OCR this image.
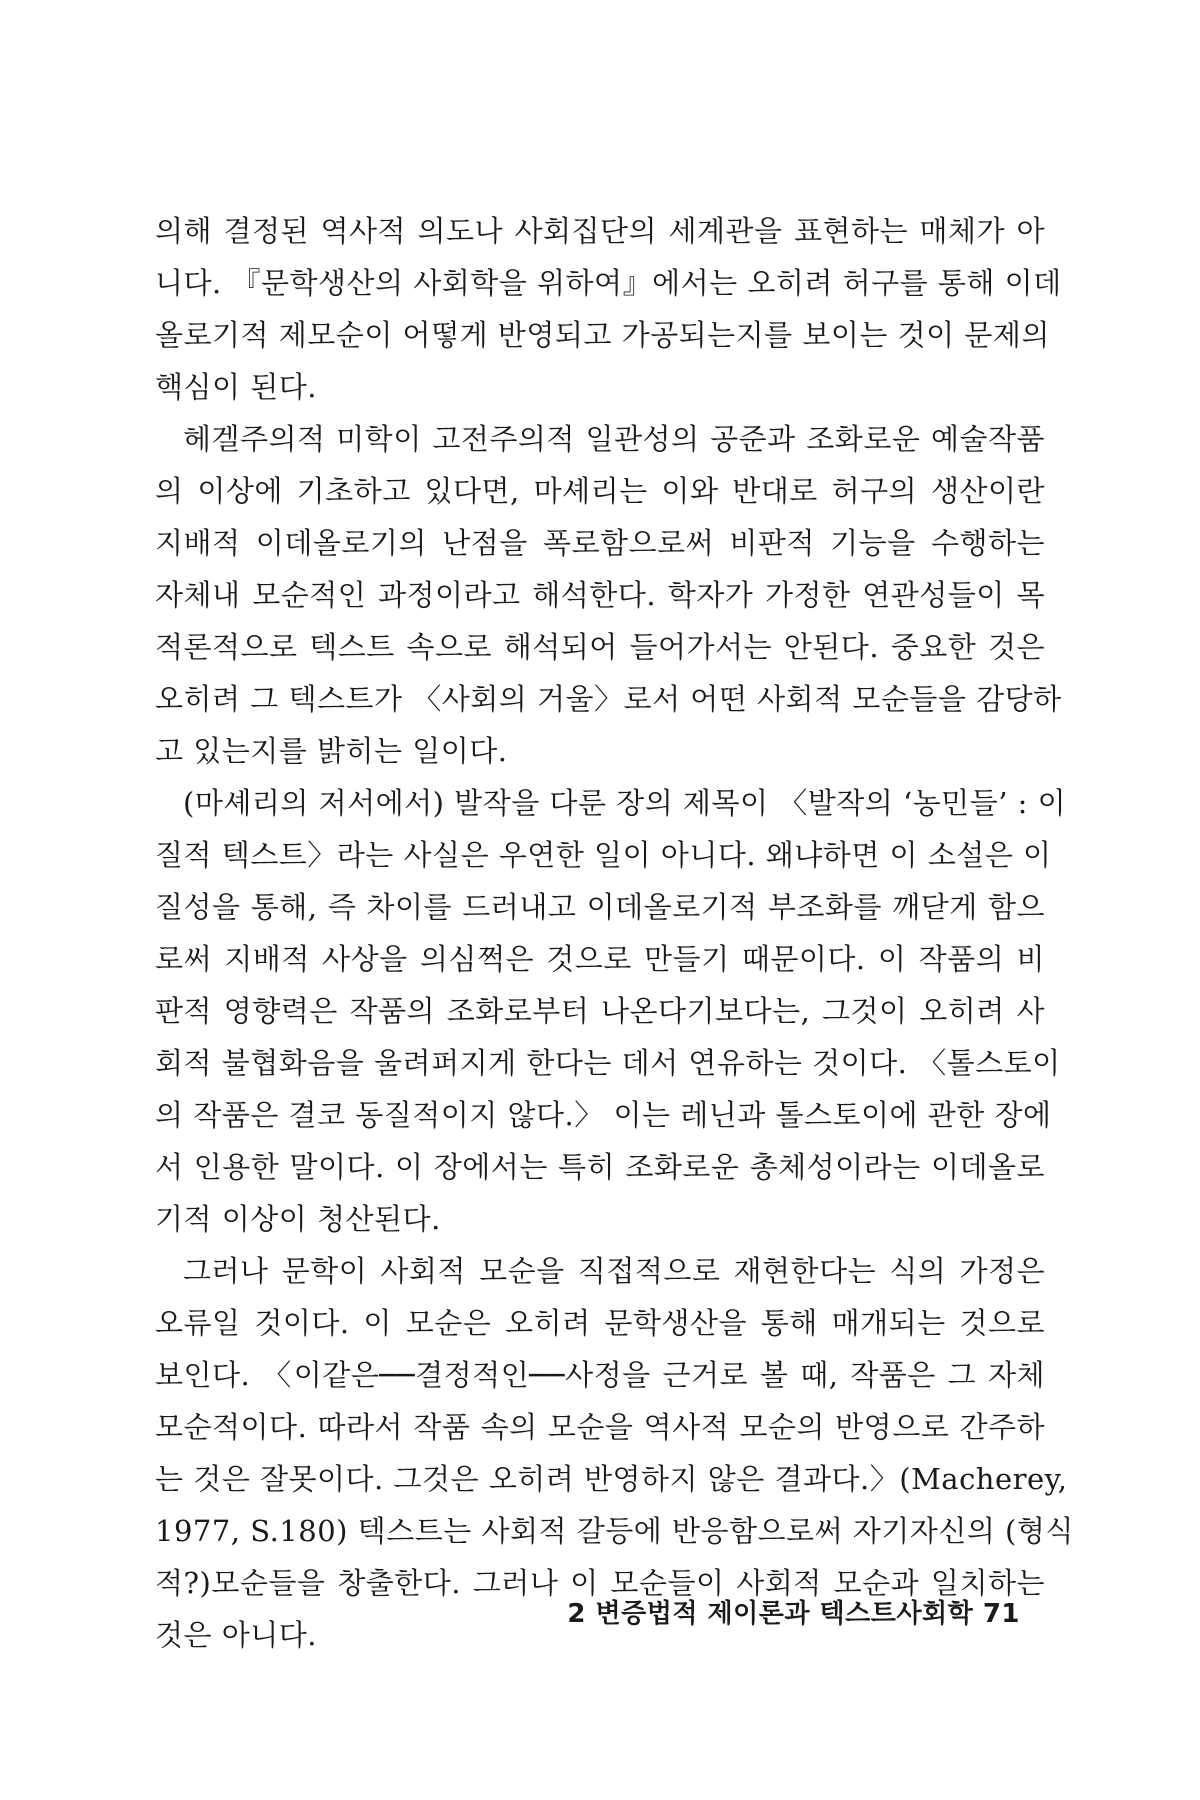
의해 결정된 역사적 의도나 사회집단의 세계관을 표현하는 매체가 아
니다. 『문학생산의 사회학을 위하여』에서는 오히려 허구를 통해 이데
올로기적 제모순이 어떻게 반영되고 가공되는지를 보이는 것이 문제의
핵심이 된다.
헤겔주의적 미학이 고전주의적 일관성의 공준과 조화로운 예술작품
의 이상에 기초하고 있다면, 마셰리는 이와 반대로 허구의 생산이란
지배적 이데올로기의 난점을 폭로함으로써 비판적 기능을 수행하는
자체내 모순적인 과정이라고 해석한다. 학자가 가정한 연관성들이 목
적론적으로 텍스트 속으로 해석되어 들어가서는 안된다. 중요한 것은
오히려 그 텍스트가 〈사회의 거울〉로서 어떤 사회적 모순들을 감당하
고 있는지를 밝히는 일이다.
(마셰리의 저서에서) 발작을 다룬 장의 제목이 〈발작의 ‘농민들’ : 이
질적 텍스트〉라는 사실은 우연한 일이 아니다. 왜냐하면 이 소설은 이
질성을 통해, 즉 차이를 드러내고 이데올로기적 부조화를 깨닫게 함으
로써 지배적 사상을 의심쩍은 것으로 만들기 때문이다. 이 작품의 비
판적 영향력은 작품의 조화로부터 나온다기보다는, 그것이 오히려 사
회적 불협화음을 울려퍼지게 한다는 데서 연유하는 것이다. 〈톨스토이
의 작품은 결코 동질적이지 않다.〉 이는 레닌과 톨스토이에 관한 장에
서 인용한 말이다. 이 장에서는 특히 조화로운 총체성이라는 이데올로
기적 이상이 청산된다.
그러나 문학이 사회적 모순을 직접적으로 재현한다는 식의 가정은
오류일 것이다. 이 모순은 오히려 문학생산을 통해 매개되는 것으로
보인다. 〈이같은──결정적인──사정을 근거로 볼 때, 작품은 그 자체
모순적이다. 따라서 작품 속의 모순을 역사적 모순의 반영으로 간주하
는 것은 잘못이다. 그것은 오히려 반영하지 않은 결과다.〉(Macherey,
1977, S.180) 텍스트는 사회적 갈등에 반응함으로써 자기자신의 (형식
적?)모순들을 창출한다. 그러나 이 모순들이 사회적 모순과 일치하는
것은 아니다.
2 변증법적 제이론과 텍스트사회학 71
